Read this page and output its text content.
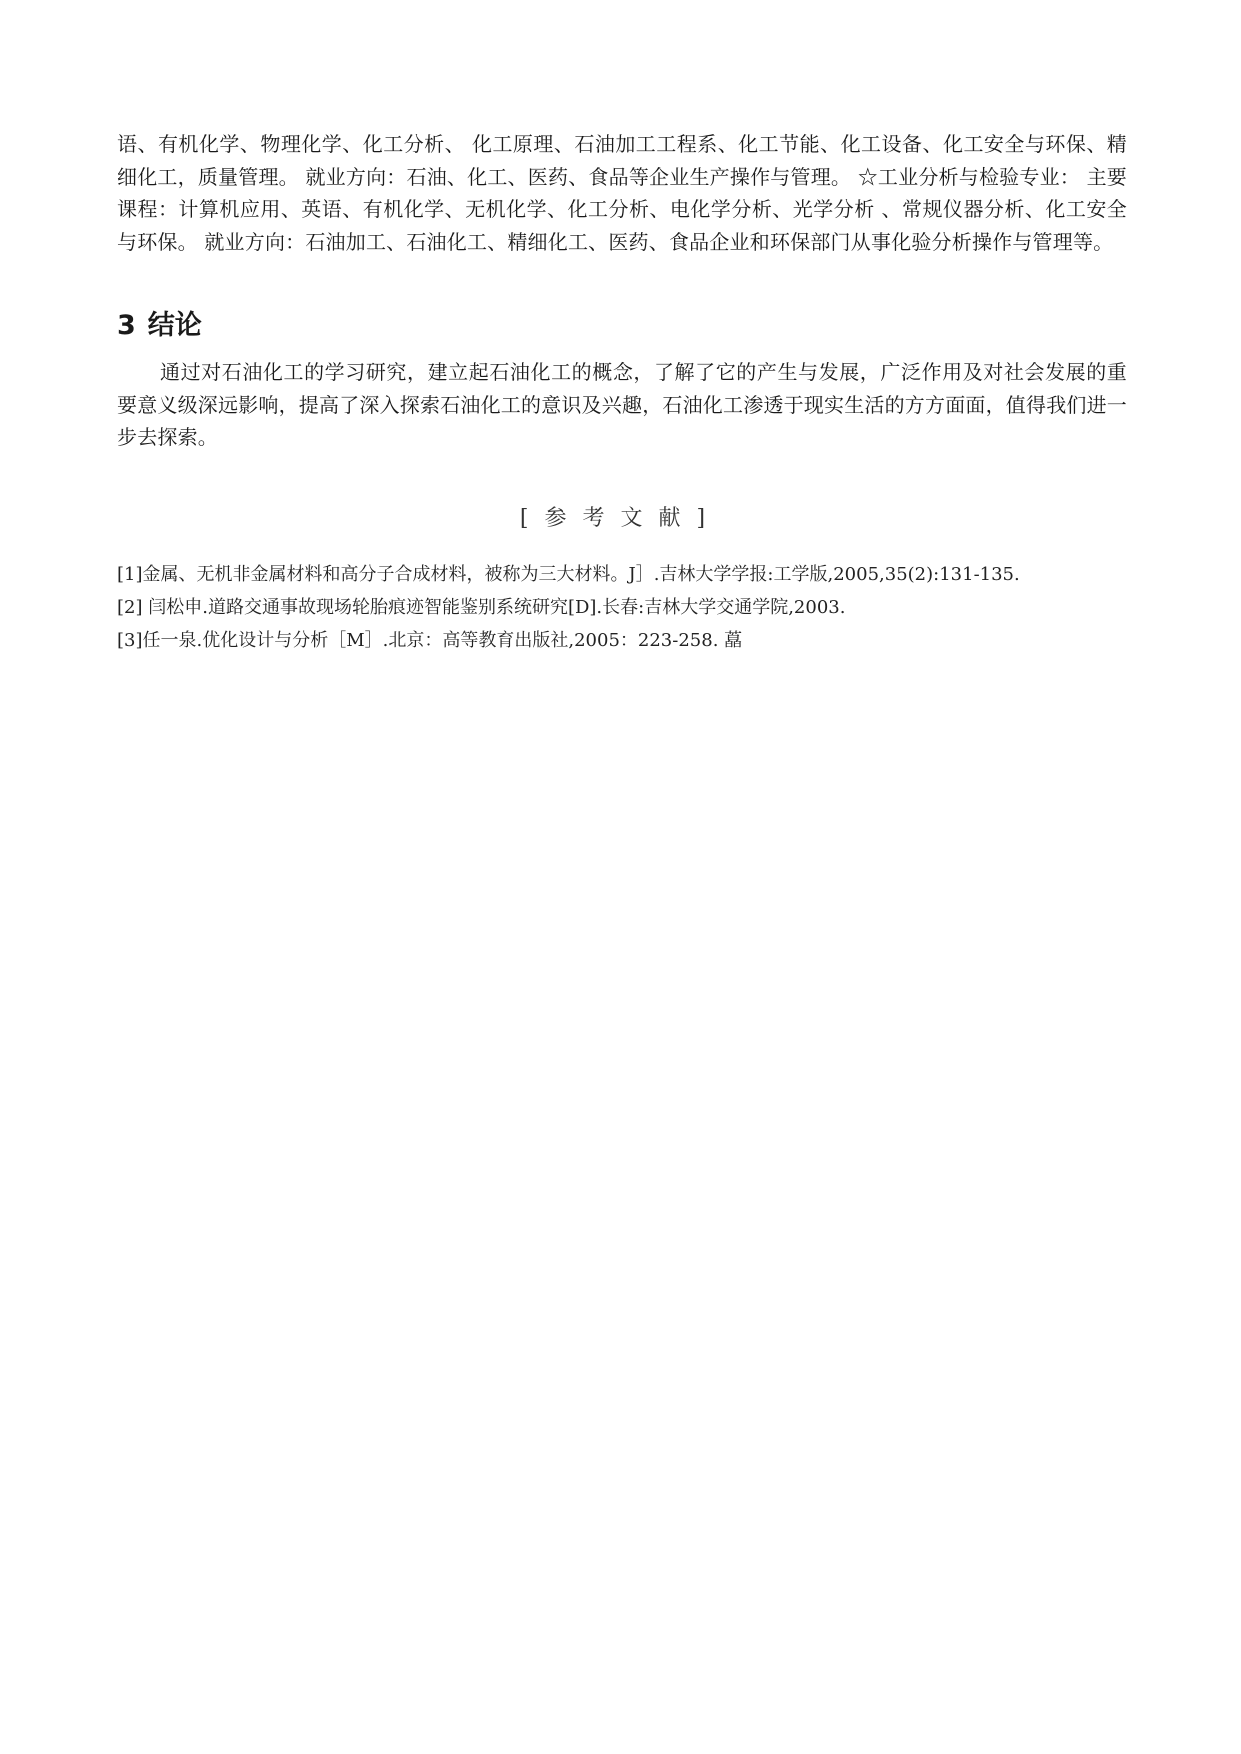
语、有机化学、物理化学、化工分析、 化工原理、石油加工工程系、化工节能、化工设备、化工安全与环保、精细化工，质量管理。 就业方向：石油、化工、医药、食品等企业生产操作与管理。 ☆工业分析与检验专业： 主要课程：计算机应用、英语、有机化学、无机化学、化工分析、电化学分析、光学分析 、常规仪器分析、化工安全与环保。 就业方向：石油加工、石油化工、精细化工、医药、食品企业和环保部门从事化验分析操作与管理等。

3 结论

通过对石油化工的学习研究，建立起石油化工的概念，了解了它的产生与发展，广泛作用及对社会发展的重要意义级深远影响，提高了深入探索石油化工的意识及兴趣，石油化工渗透于现实生活的方方面面，值得我们进一步去探索。

[参考文献]
[1]金属、无机非金属材料和高分子合成材料，被称为三大材料。J］.吉林大学学报:工学版,2005,35(2):131-135.
[2] 闫松申.道路交通事故现场轮胎痕迹智能鉴别系统研究[D].长春:吉林大学交通学院,2003.
[3]任一泉.优化设计与分析［M］.北京：高等教育出版社,2005：223-258. 藠
